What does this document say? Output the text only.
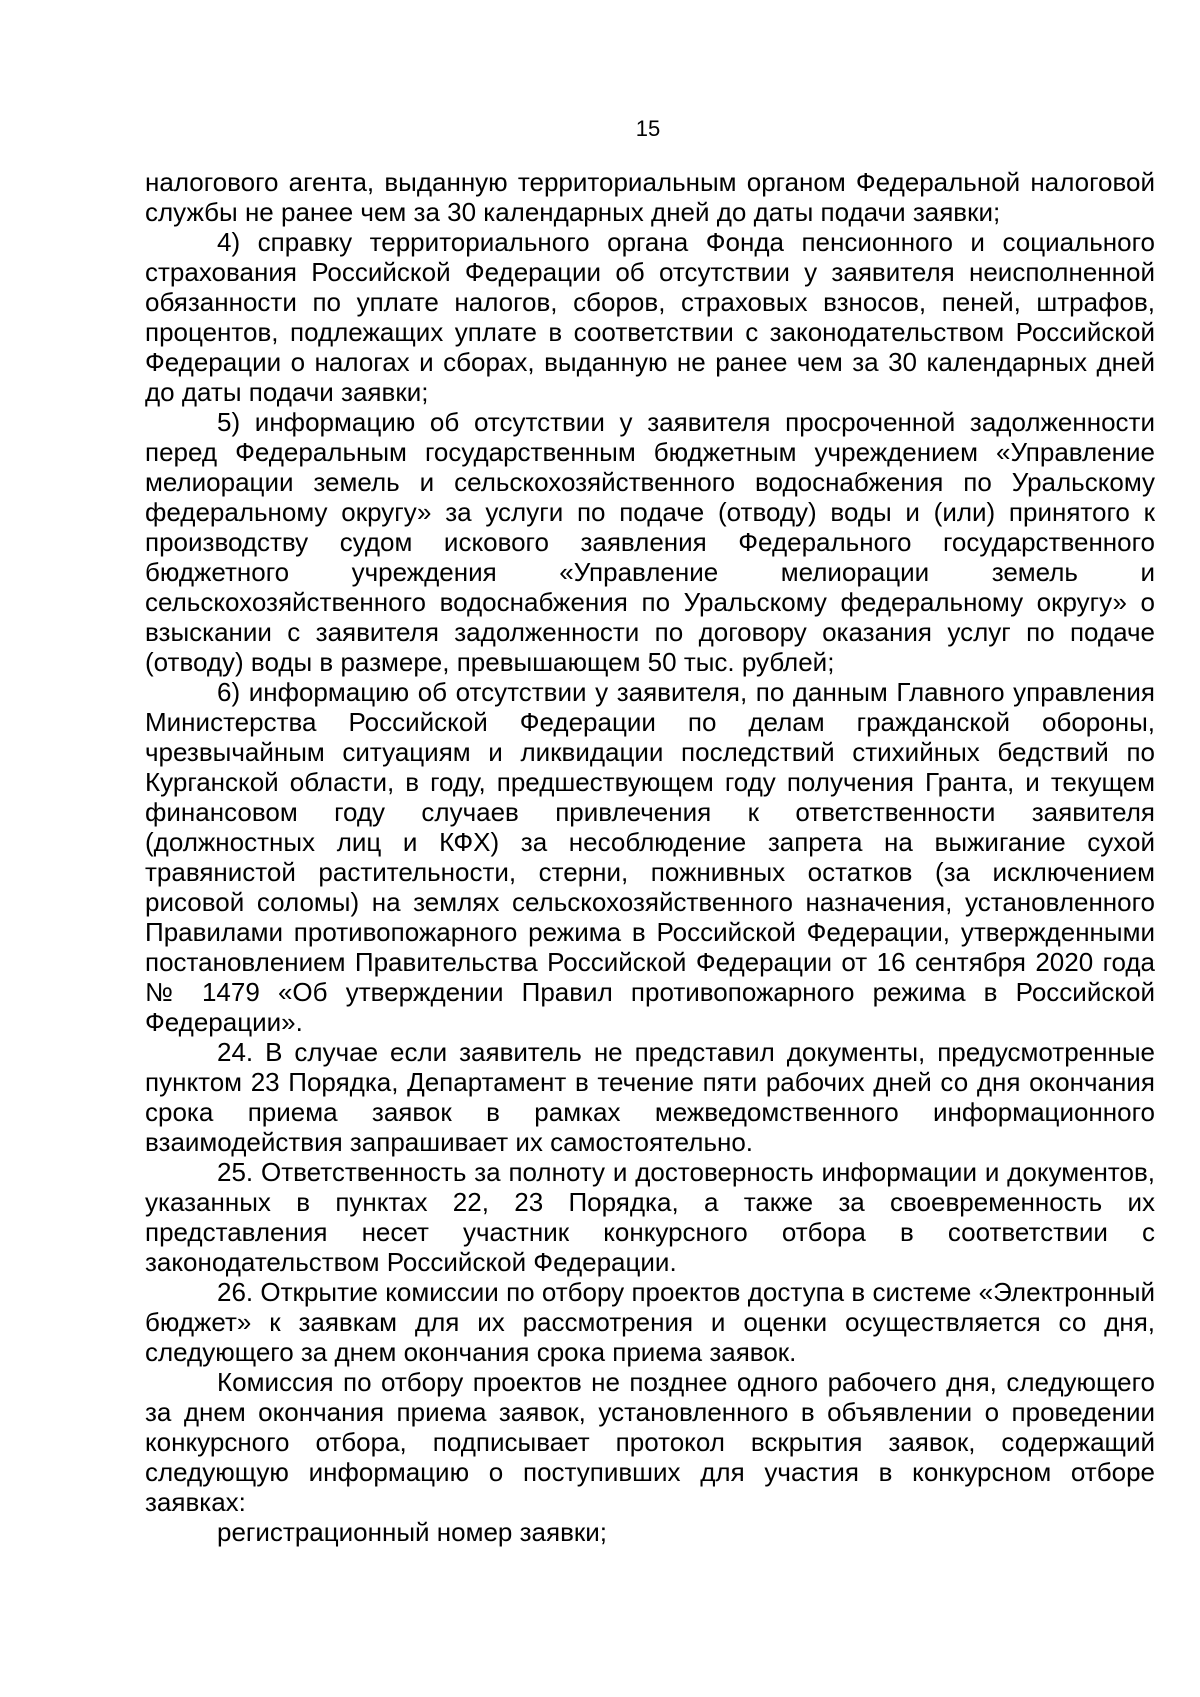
15

налогового агента, выданную территориальным органом Федеральной налоговой службы не ранее чем за 30 календарных дней до даты подачи заявки;

4) справку территориального органа Фонда пенсионного и социального страхования Российской Федерации об отсутствии у заявителя неисполненной обязанности по уплате налогов, сборов, страховых взносов, пеней, штрафов, процентов, подлежащих уплате в соответствии с законодательством Российской Федерации о налогах и сборах, выданную не ранее чем за 30 календарных дней до даты подачи заявки;

5) информацию об отсутствии у заявителя просроченной задолженности перед Федеральным государственным бюджетным учреждением «Управление мелиорации земель и сельскохозяйственного водоснабжения по Уральскому федеральному округу» за услуги по подаче (отводу) воды и (или) принятого к производству судом искового заявления Федерального государственного бюджетного учреждения «Управление мелиорации земель и сельскохозяйственного водоснабжения по Уральскому федеральному округу» о взыскании с заявителя задолженности по договору оказания услуг по подаче (отводу) воды в размере, превышающем 50 тыс. рублей;

6) информацию об отсутствии у заявителя, по данным Главного управления Министерства Российской Федерации по делам гражданской обороны, чрезвычайным ситуациям и ликвидации последствий стихийных бедствий по Курганской области, в году, предшествующем году получения Гранта, и текущем финансовом году случаев привлечения к ответственности заявителя (должностных лиц и КФХ) за несоблюдение запрета на выжигание сухой травянистой растительности, стерни, пожнивных остатков (за исключением рисовой соломы) на землях сельскохозяйственного назначения, установленного Правилами противопожарного режима в Российской Федерации, утвержденными постановлением Правительства Российской Федерации от 16 сентября 2020 года № 1479 «Об утверждении Правил противопожарного режима в Российской Федерации».

24. В случае если заявитель не представил документы, предусмотренные пунктом 23 Порядка, Департамент в течение пяти рабочих дней со дня окончания срока приема заявок в рамках межведомственного информационного взаимодействия запрашивает их самостоятельно.

25. Ответственность за полноту и достоверность информации и документов, указанных в пунктах 22, 23 Порядка, а также за своевременность их представления несет участник конкурсного отбора в соответствии с законодательством Российской Федерации.

26. Открытие комиссии по отбору проектов доступа в системе «Электронный бюджет» к заявкам для их рассмотрения и оценки осуществляется со дня, следующего за днем окончания срока приема заявок.

Комиссия по отбору проектов не позднее одного рабочего дня, следующего за днем окончания приема заявок, установленного в объявлении о проведении конкурсного отбора, подписывает протокол вскрытия заявок, содержащий следующую информацию о поступивших для участия в конкурсном отборе заявках:

регистрационный номер заявки;
